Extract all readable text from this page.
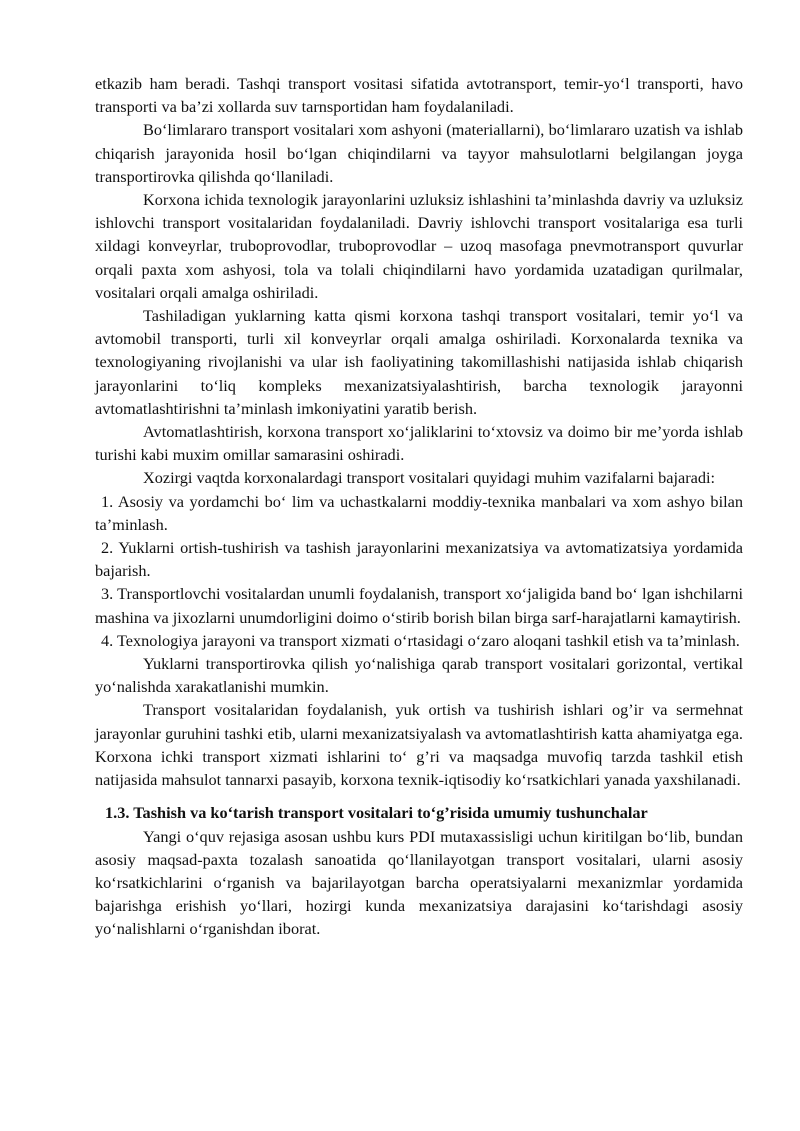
etkazib ham beradi. Tashqi transport vositasi sifatida avtotransport, temir-yo‘l transporti, havo transporti va ba’zi xollarda suv tarnsportidan ham foydalaniladi.

Bo‘limlararo transport vositalari xom ashyoni (materiallarni), bo‘limlararo uzatish va ishlab chiqarish jarayonida hosil bo‘lgan chiqindilarni va tayyor mahsulotlarni belgilangan joyga transportirovka qilishda qo‘llaniladi.

Korxona ichida texnologik jarayonlarini uzluksiz ishlashini ta’minlashda davriy va uzluksiz ishlovchi transport vositalaridan foydalaniladi. Davriy ishlovchi transport vositalariga esa turli xildagi konveyrlar, truboprovodlar, truboprovodlar – uzoq masofaga pnevmotransport quvurlar orqali paxta xom ashyosi, tola va tolali chiqindilarni havo yordamida uzatadigan qurilmalar, vositalari orqali amalga oshiriladi.

Tashiladigan yuklarning katta qismi korxona tashqi transport vositalari, temir yo‘l va avtomobil transporti, turli xil konveyrlar orqali amalga oshiriladi. Korxonalarda texnika va texnologiyaning rivojlanishi va ular ish faoliyatining takomillashishi natijasida ishlab chiqarish jarayonlarini to‘liq kompleks mexanizatsiyalashtirish, barcha texnologik jarayonni avtomatlashtirishni ta’minlash imkoniyatini yaratib berish.

Avtomatlashtirish, korxona transport xo‘jaliklarini to‘xtovsiz va doimo bir me’yorda ishlab turishi kabi muxim omillar samarasini oshiradi.

Xozirgi vaqtda korxonalardagi transport vositalari quyidagi muhim vazifalarni bajaradi:

1. Asosiy va yordamchi bo‘ lim va uchastkalarni moddiy-texnika manbalari va xom ashyo bilan ta’minlash.

2. Yuklarni ortish-tushirish va tashish jarayonlarini mexanizatsiya va avtomatizatsiya yordamida bajarish.

3. Transportlovchi vositalardan unumli foydalanish, transport xo‘jaligida band bo‘ lgan ishchilarni mashina va jixozlarni unumdorligini doimo o‘stirib borish bilan birga sarf-harajatlarni kamaytirish.

4. Texnologiya jarayoni va transport xizmati o‘rtasidagi o‘zaro aloqani tashkil etish va ta’minlash.

Yuklarni transportirovka qilish yo‘nalishiga qarab transport vositalari gorizontal, vertikal yo‘nalishda xarakatlanishi mumkin.

Transport vositalaridan foydalanish, yuk ortish va tushirish ishlari og’ir va sermehnat jarayonlar guruhini tashki etib, ularni mexanizatsiyalash va avtomatlashtirish katta ahamiyatga ega. Korxona ichki transport xizmati ishlarini to‘ g’ri va maqsadga muvofiq tarzda tashkil etish natijasida mahsulot tannarxi pasayib, korxona texnik-iqtisodiy ko‘rsatkichlari yanada yaxshilanadi.

1.3. Tashish va ko‘tarish transport vositalari to‘g’risida umumiy tushunchalar

Yangi o‘quv rejasiga asosan ushbu kurs PDI mutaxassisligi uchun kiritilgan bo‘lib, bundan asosiy maqsad-paxta tozalash sanoatida qo‘llanilayotgan transport vositalari, ularni asosiy ko‘rsatkichlarini o‘rganish va bajarilayotgan barcha operatsiyalarni mexanizmlar yordamida bajarishga erishish yo‘llari, hozirgi kunda mexanizatsiya darajasini ko‘tarishdagi asosiy yo‘nalishlarni o‘rganishdan iborat.
